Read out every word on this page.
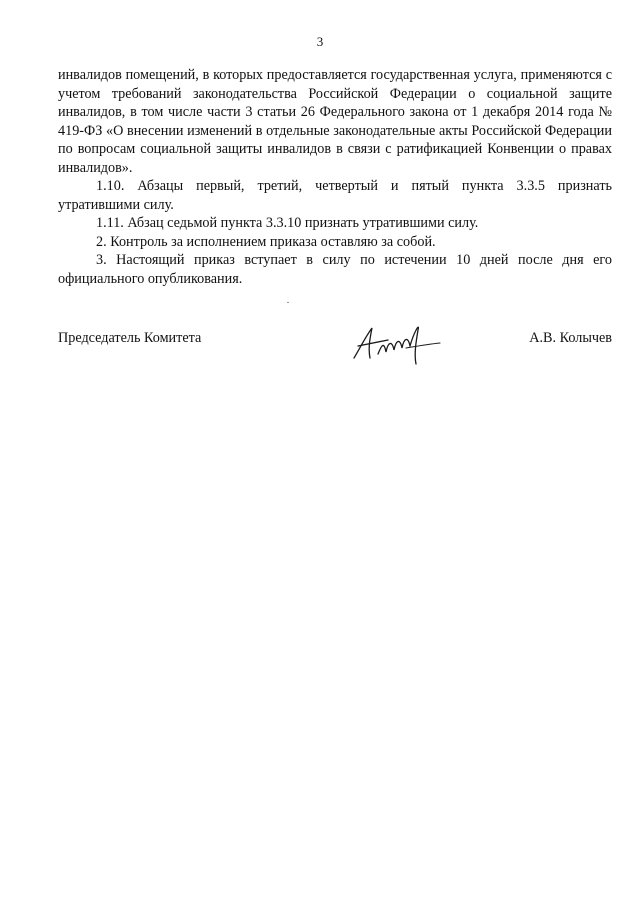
3

инвалидов помещений, в которых предоставляется государственная услуга, применяются с учетом требований законодательства Российской Федерации о социальной защите инвалидов, в том числе части 3 статьи 26 Федерального закона от 1 декабря 2014 года № 419-ФЗ «О внесении изменений в отдельные законодательные акты Российской Федерации по вопросам социальной защиты инвалидов в связи с ратификацией Конвенции о правах инвалидов».

1.10. Абзацы первый, третий, четвертый и пятый пункта 3.3.5 признать утратившими силу.

1.11. Абзац седьмой пункта 3.3.10 признать утратившими силу.

2. Контроль за исполнением приказа оставляю за собой.

3. Настоящий приказ вступает в силу по истечении 10 дней после дня его официального опубликования.

Председатель Комитета	А.В. Колычев
